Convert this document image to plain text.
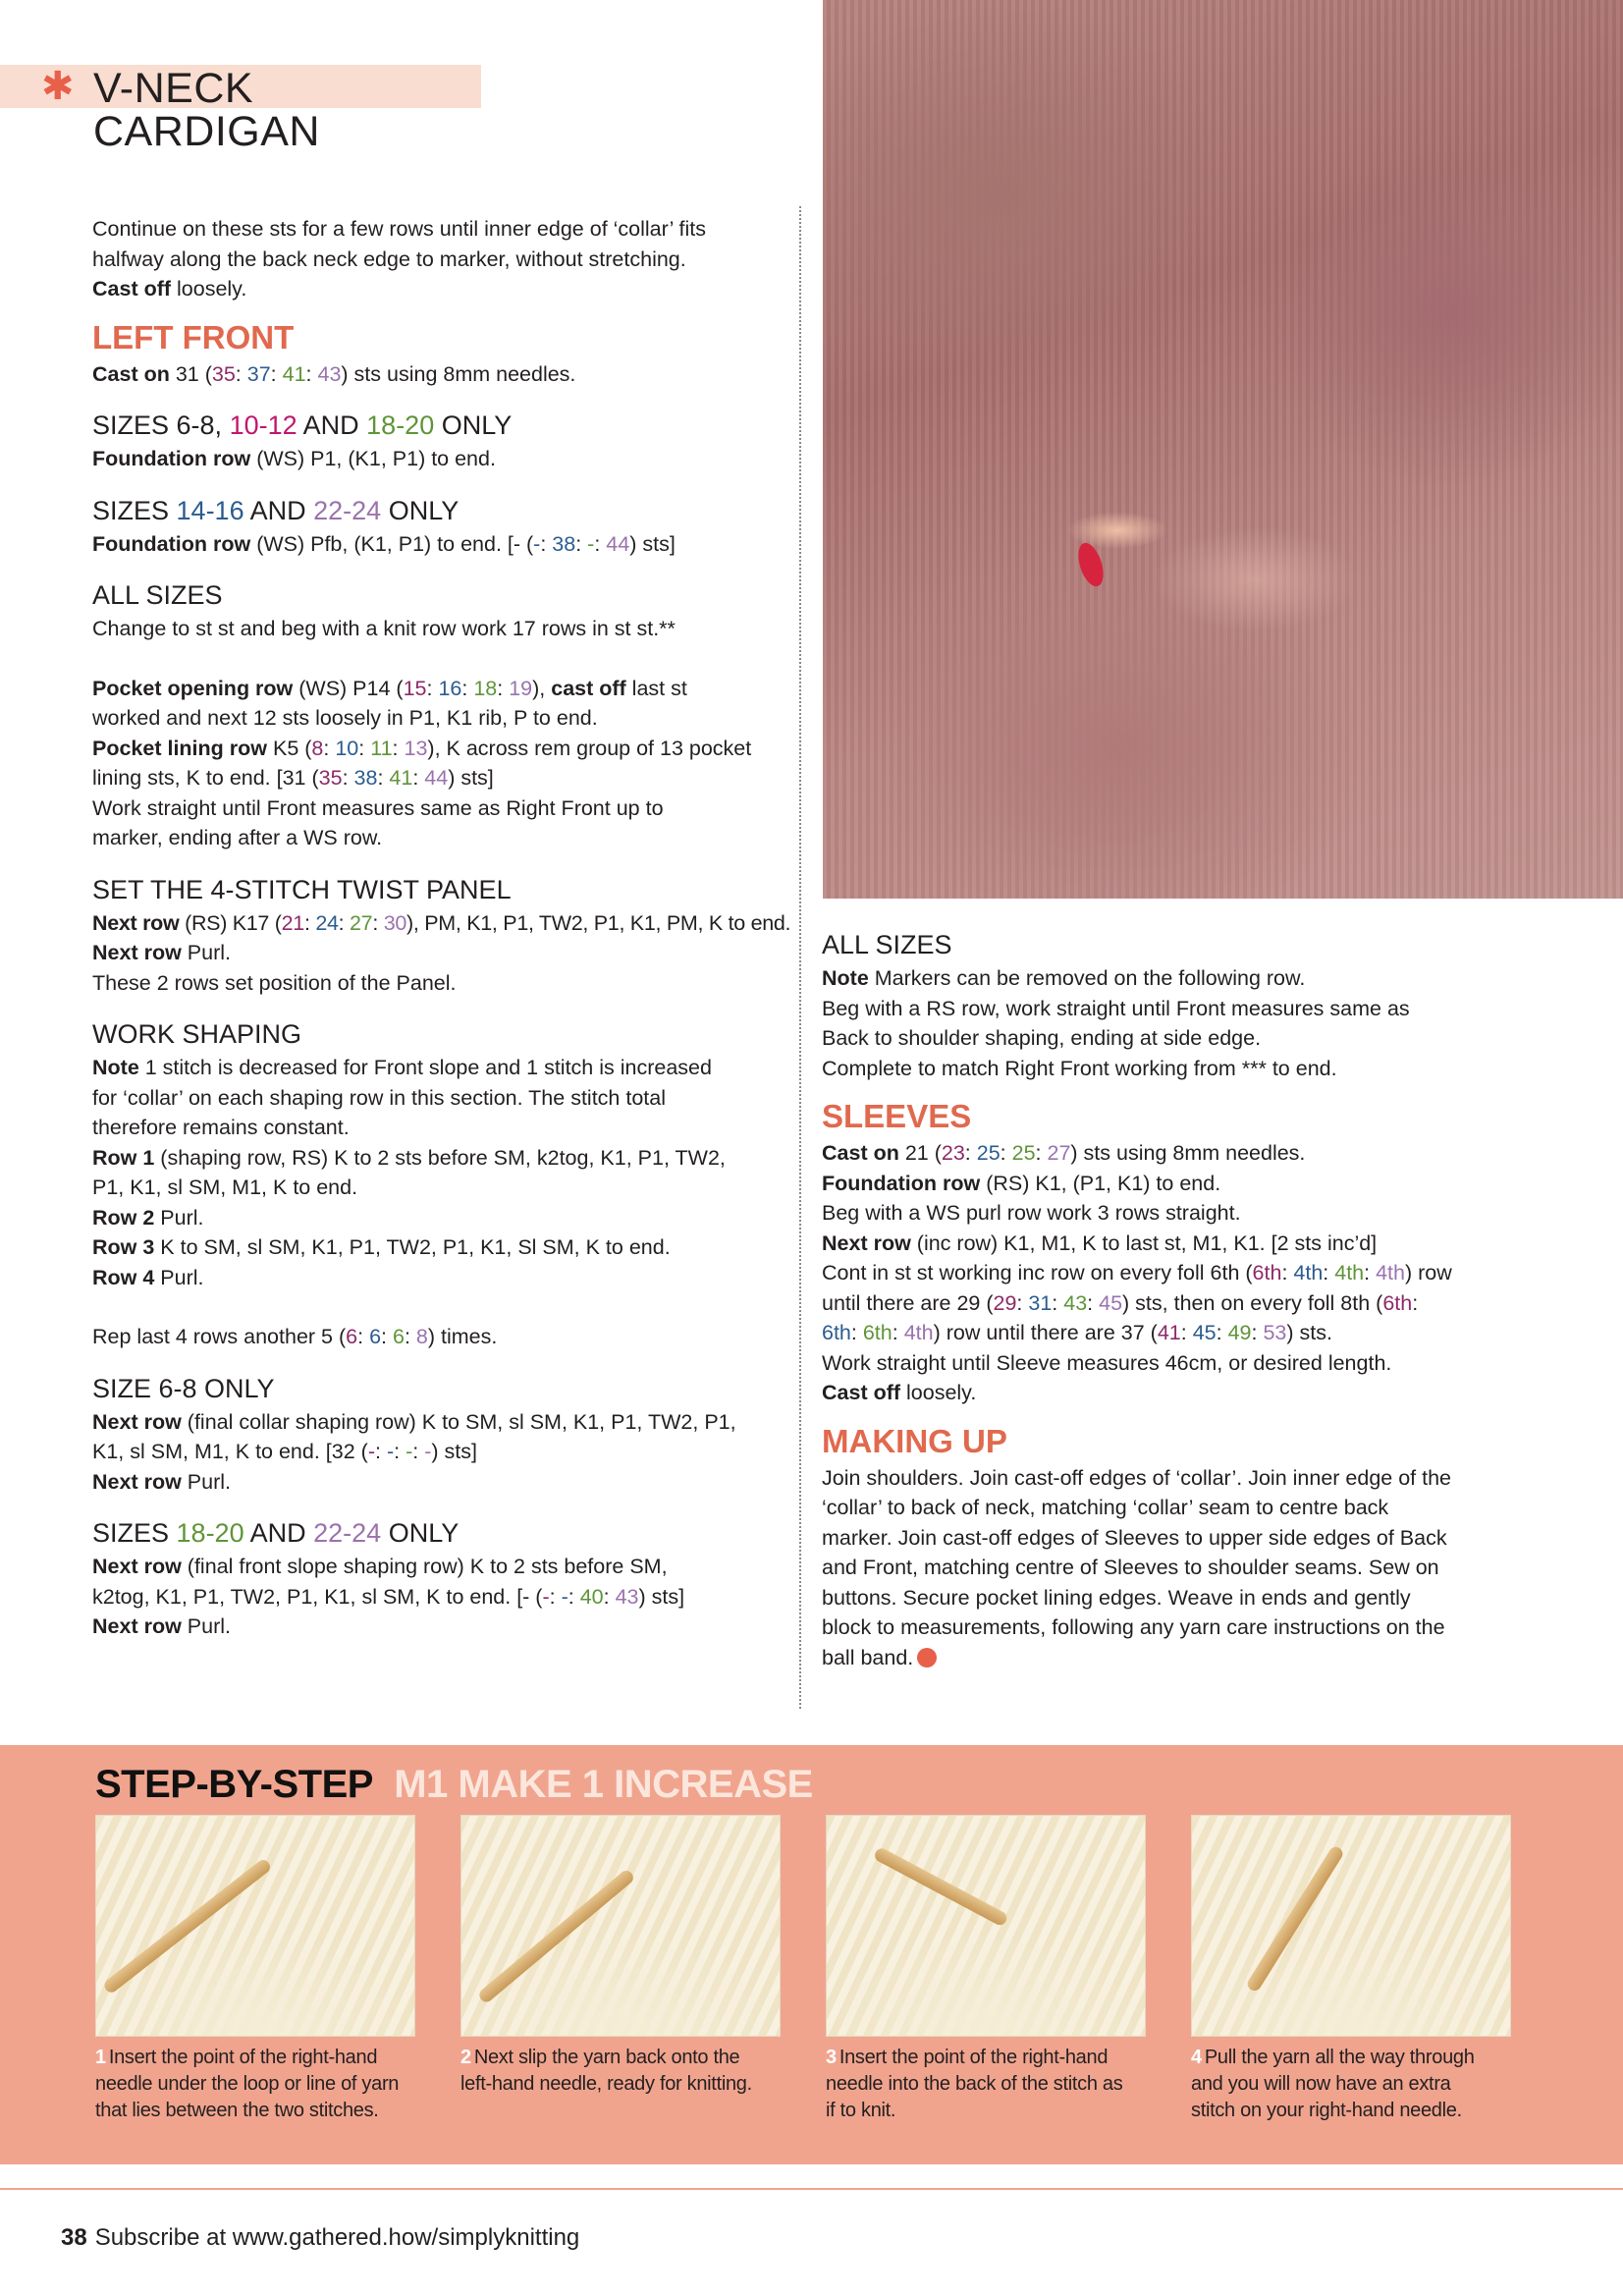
✱ V-NECK CARDIGAN

Continue on these sts for a few rows until inner edge of ‘collar’ fits

halfway along the back neck edge to marker, without stretching.

Cast off loosely.

LEFT FRONT

Cast on 31 (35: 37: 41: 43) sts using 8mm needles.

SIZES 6-8, 10-12 AND 18-20 ONLY

Foundation row (WS) P1, (K1, P1) to end.

SIZES 14-16 AND 22-24 ONLY

Foundation row (WS) Pfb, (K1, P1) to end. [- (-: 38: -: 44) sts]

ALL SIZES

Change to st st and beg with a knit row work 17 rows in st st.**

Pocket opening row (WS) P14 (15: 16: 18: 19), cast off last st

worked and next 12 sts loosely in P1, K1 rib, P to end.

Pocket lining row K5 (8: 10: 11: 13), K across rem group of 13 pocket

lining sts, K to end. [31 (35: 38: 41: 44) sts]

Work straight until Front measures same as Right Front up to

marker, ending after a WS row.

SET THE 4-STITCH TWIST PANEL

Next row (RS) K17 (21: 24: 27: 30), PM, K1, P1, TW2, P1, K1, PM, K to end.

Next row Purl.

These 2 rows set position of the Panel.

WORK SHAPING

Note 1 stitch is decreased for Front slope and 1 stitch is increased

for ‘collar’ on each shaping row in this section. The stitch total

therefore remains constant.

Row 1 (shaping row, RS) K to 2 sts before SM, k2tog, K1, P1, TW2,

P1, K1, sl SM, M1, K to end.

Row 2 Purl.

Row 3 K to SM, sl SM, K1, P1, TW2, P1, K1, Sl SM, K to end.

Row 4 Purl.

Rep last 4 rows another 5 (6: 6: 6: 8) times.

SIZE 6-8 ONLY

Next row (final collar shaping row) K to SM, sl SM, K1, P1, TW2, P1,

K1, sl SM, M1, K to end. [32 (-: -: -: -) sts]

Next row Purl.

SIZES 18-20 AND 22-24 ONLY

Next row (final front slope shaping row) K to 2 sts before SM,

k2tog, K1, P1, TW2, P1, K1, sl SM, K to end. [- (-: -: 40: 43) sts]

Next row Purl.

ALL SIZES

Note Markers can be removed on the following row.

Beg with a RS row, work straight until Front measures same as

Back to shoulder shaping, ending at side edge.

Complete to match Right Front working from *** to end.

SLEEVES

Cast on 21 (23: 25: 25: 27) sts using 8mm needles.

Foundation row (RS) K1, (P1, K1) to end.

Beg with a WS purl row work 3 rows straight.

Next row (inc row) K1, M1, K to last st, M1, K1. [2 sts inc’d]

Cont in st st working inc row on every foll 6th (6th: 4th: 4th: 4th) row

until there are 29 (29: 31: 43: 45) sts, then on every foll 8th (6th:

6th: 6th: 4th) row until there are 37 (41: 45: 49: 53) sts.

Work straight until Sleeve measures 46cm, or desired length.

Cast off loosely.

MAKING UP

Join shoulders. Join cast-off edges of ‘collar’. Join inner edge of the

‘collar’ to back of neck, matching ‘collar’ seam to centre back

marker. Join cast-off edges of Sleeves to upper side edges of Back

and Front, matching centre of Sleeves to shoulder seams. Sew on

buttons. Secure pocket lining edges. Weave in ends and gently

block to measurements, following any yarn care instructions on the

ball band.

STEP-BY-STEP M1 MAKE 1 INCREASE
1 Insert the point of the right-hand
needle under the loop or line of yarn
that lies between the two stitches.
2 Next slip the yarn back onto the
left-hand needle, ready for knitting.
3 Insert the point of the right-hand
needle into the back of the stitch as
if to knit.
4 Pull the yarn all the way through
and you will now have an extra
stitch on your right-hand needle.
38 Subscribe at www.gathered.how/simplyknitting
